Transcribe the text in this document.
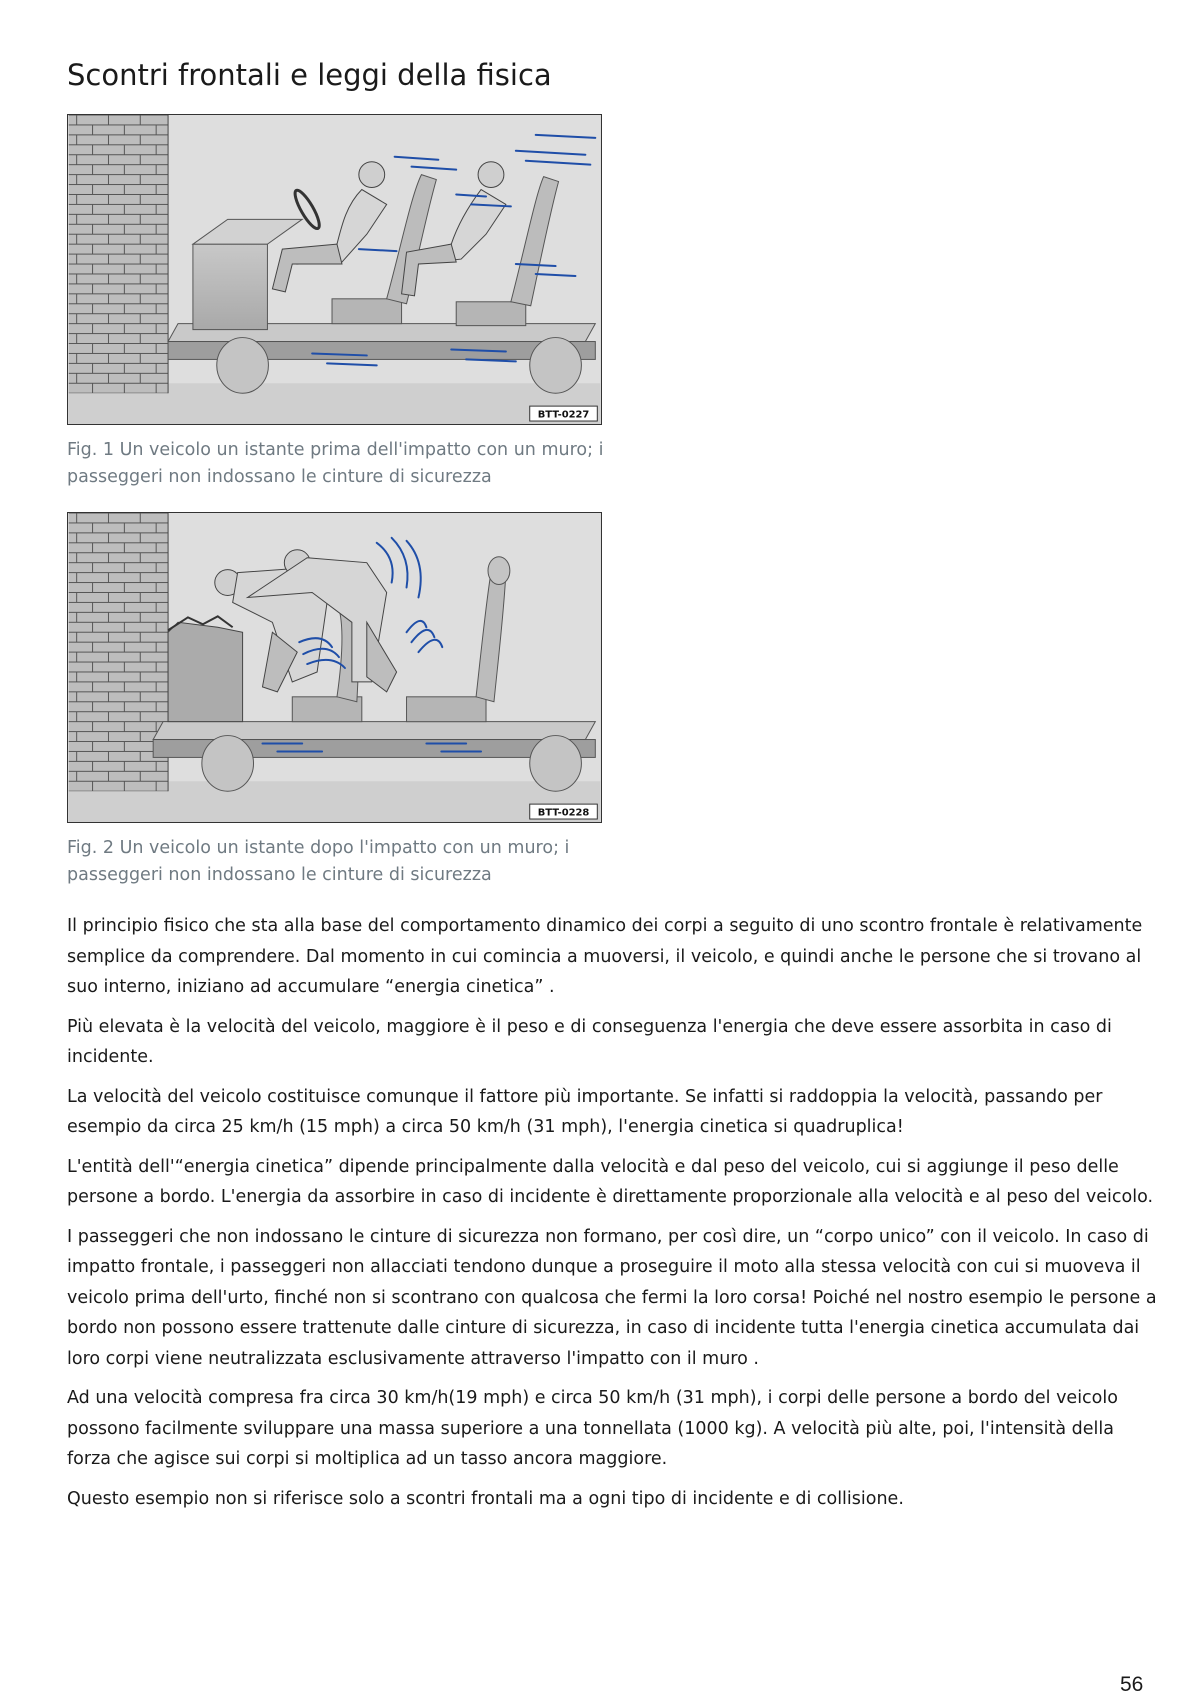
Scontri frontali e leggi della fisica
BTT-0227

Fig. 1 Un veicolo un istante prima dell'impatto con un muro; i passeggeri non indossano le cinture di sicurezza

BTT-0228

Fig. 2 Un veicolo un istante dopo l'impatto con un muro; i passeggeri non indossano le cinture di sicurezza

Il principio fisico che sta alla base del comportamento dinamico dei corpi a seguito di uno scontro frontale è relativamente semplice da comprendere. Dal momento in cui comincia a muoversi, il veicolo, e quindi anche le persone che si trovano al suo interno, iniziano ad accumulare “energia cinetica” .

Più elevata è la velocità del veicolo, maggiore è il peso e di conseguenza l'energia che deve essere assorbita in caso di incidente.

La velocità del veicolo costituisce comunque il fattore più importante. Se infatti si raddoppia la velocità, passando per esempio da circa 25 km/h (15 mph) a circa 50 km/h (31 mph), l'energia cinetica si quadruplica!

L'entità dell'“energia cinetica” dipende principalmente dalla velocità e dal peso del veicolo, cui si aggiunge il peso delle persone a bordo. L'energia da assorbire in caso di incidente è direttamente proporzionale alla velocità e al peso del veicolo.

I passeggeri che non indossano le cinture di sicurezza non formano, per così dire, un “corpo unico” con il veicolo. In caso di impatto frontale, i passeggeri non allacciati tendono dunque a proseguire il moto alla stessa velocità con cui si muoveva il veicolo prima dell'urto, finché non si scontrano con qualcosa che fermi la loro corsa! Poiché nel nostro esempio le persone a bordo non possono essere trattenute dalle cinture di sicurezza, in caso di incidente tutta l'energia cinetica accumulata dai loro corpi viene neutralizzata esclusivamente attraverso l'impatto con il muro .

Ad una velocità compresa fra circa 30 km/h(19 mph) e circa 50 km/h (31 mph), i corpi delle persone a bordo del veicolo possono facilmente sviluppare una massa superiore a una tonnellata (1000 kg). A velocità più alte, poi, l'intensità della forza che agisce sui corpi si moltiplica ad un tasso ancora maggiore.

Questo esempio non si riferisce solo a scontri frontali ma a ogni tipo di incidente e di collisione.

56
